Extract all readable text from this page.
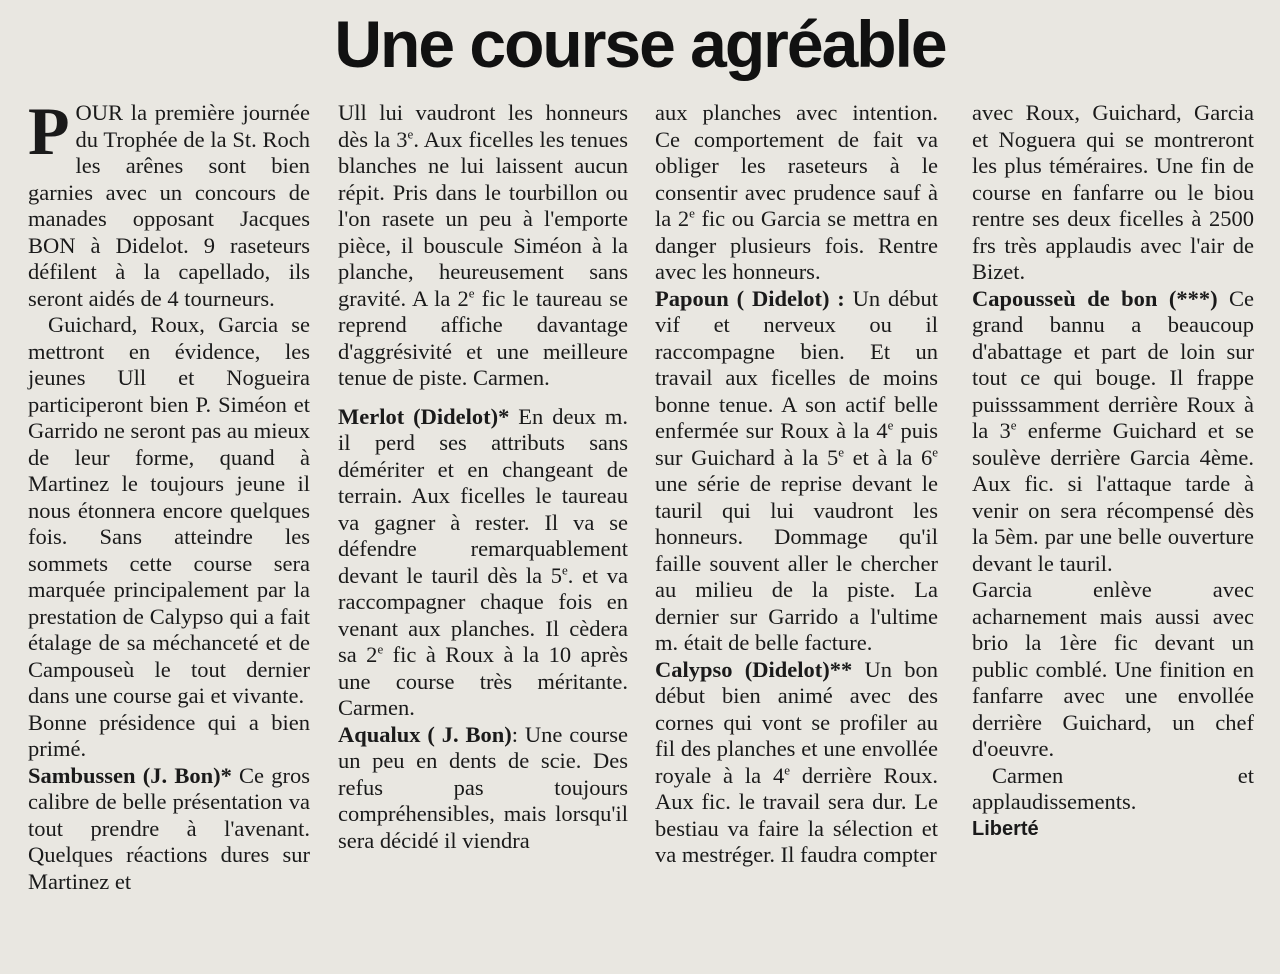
Une course agréable

POUR la première journée du Trophée de la St. Roch les arênes sont bien garnies avec un concours de manades opposant Jacques BON à Didelot. 9 raseteurs défilent à la capellado, ils seront aidés de 4 tourneurs.

Guichard, Roux, Garcia se mettront en évidence, les jeunes Ull et Nogueira participeront bien P. Siméon et Garrido ne seront pas au mieux de leur forme, quand à Martinez le toujours jeune il nous étonnera encore quelques fois. Sans atteindre les sommets cette course sera marquée principalement par la prestation de Calypso qui a fait étalage de sa méchanceté et de Campouseù le tout dernier dans une course gai et vivante.

Bonne présidence qui a bien primé.

Sambussen (J. Bon)* Ce gros calibre de belle présentation va tout prendre à l'avenant. Quelques réactions dures sur Martinez et

Ull lui vaudront les honneurs dès la 3e. Aux ficelles les tenues blanches ne lui laissent aucun répit. Pris dans le tourbillon ou l'on rasete un peu à l'emporte pièce, il bouscule Siméon à la planche, heureusement sans gravité. A la 2e fic le taureau se reprend affiche davantage d'aggrésivité et une meilleure tenue de piste. Carmen.

Merlot (Didelot)* En deux m. il perd ses attributs sans démériter et en changeant de terrain. Aux ficelles le taureau va gagner à rester. Il va se défendre remarquablement devant le tauril dès la 5e. et va raccompagner chaque fois en venant aux planches. Il cèdera sa 2e fic à Roux à la 10 après une course très méritante. Carmen.

Aqualux ( J. Bon): Une course un peu en dents de scie. Des refus pas toujours compréhensibles, mais lorsqu'il sera décidé il viendra

aux planches avec intention. Ce comportement de fait va obliger les raseteurs à le consentir avec prudence sauf à la 2e fic ou Garcia se mettra en danger plusieurs fois. Rentre avec les honneurs.

Papoun ( Didelot) : Un début vif et nerveux ou il raccompagne bien. Et un travail aux ficelles de moins bonne tenue. A son actif belle enfermée sur Roux à la 4e puis sur Guichard à la 5e et à la 6e une série de reprise devant le tauril qui lui vaudront les honneurs. Dommage qu'il faille souvent aller le chercher au milieu de la piste. La dernier sur Garrido a l'ultime m. était de belle facture.

Calypso (Didelot)** Un bon début bien animé avec des cornes qui vont se profiler au fil des planches et une envollée royale à la 4e derrière Roux. Aux fic. le travail sera dur. Le bestiau va faire la sélection et va mestréger. Il faudra compter

avec Roux, Guichard, Garcia et Noguera qui se montreront les plus téméraires. Une fin de course en fanfarre ou le biou rentre ses deux ficelles à 2500 frs très applaudis avec l'air de Bizet.

Capousseù de bon (***) Ce grand bannu a beaucoup d'abattage et part de loin sur tout ce qui bouge. Il frappe puisssamment derrière Roux à la 3e enferme Guichard et se soulève derrière Garcia 4ème. Aux fic. si l'attaque tarde à venir on sera récompensé dès la 5èm. par une belle ouverture devant le tauril.

Garcia enlève avec acharnement mais aussi avec brio la 1ère fic devant un public comblé. Une finition en fanfarre avec une envollée derrière Guichard, un chef d'oeuvre.

Carmen et applaudissements.

Liberté
